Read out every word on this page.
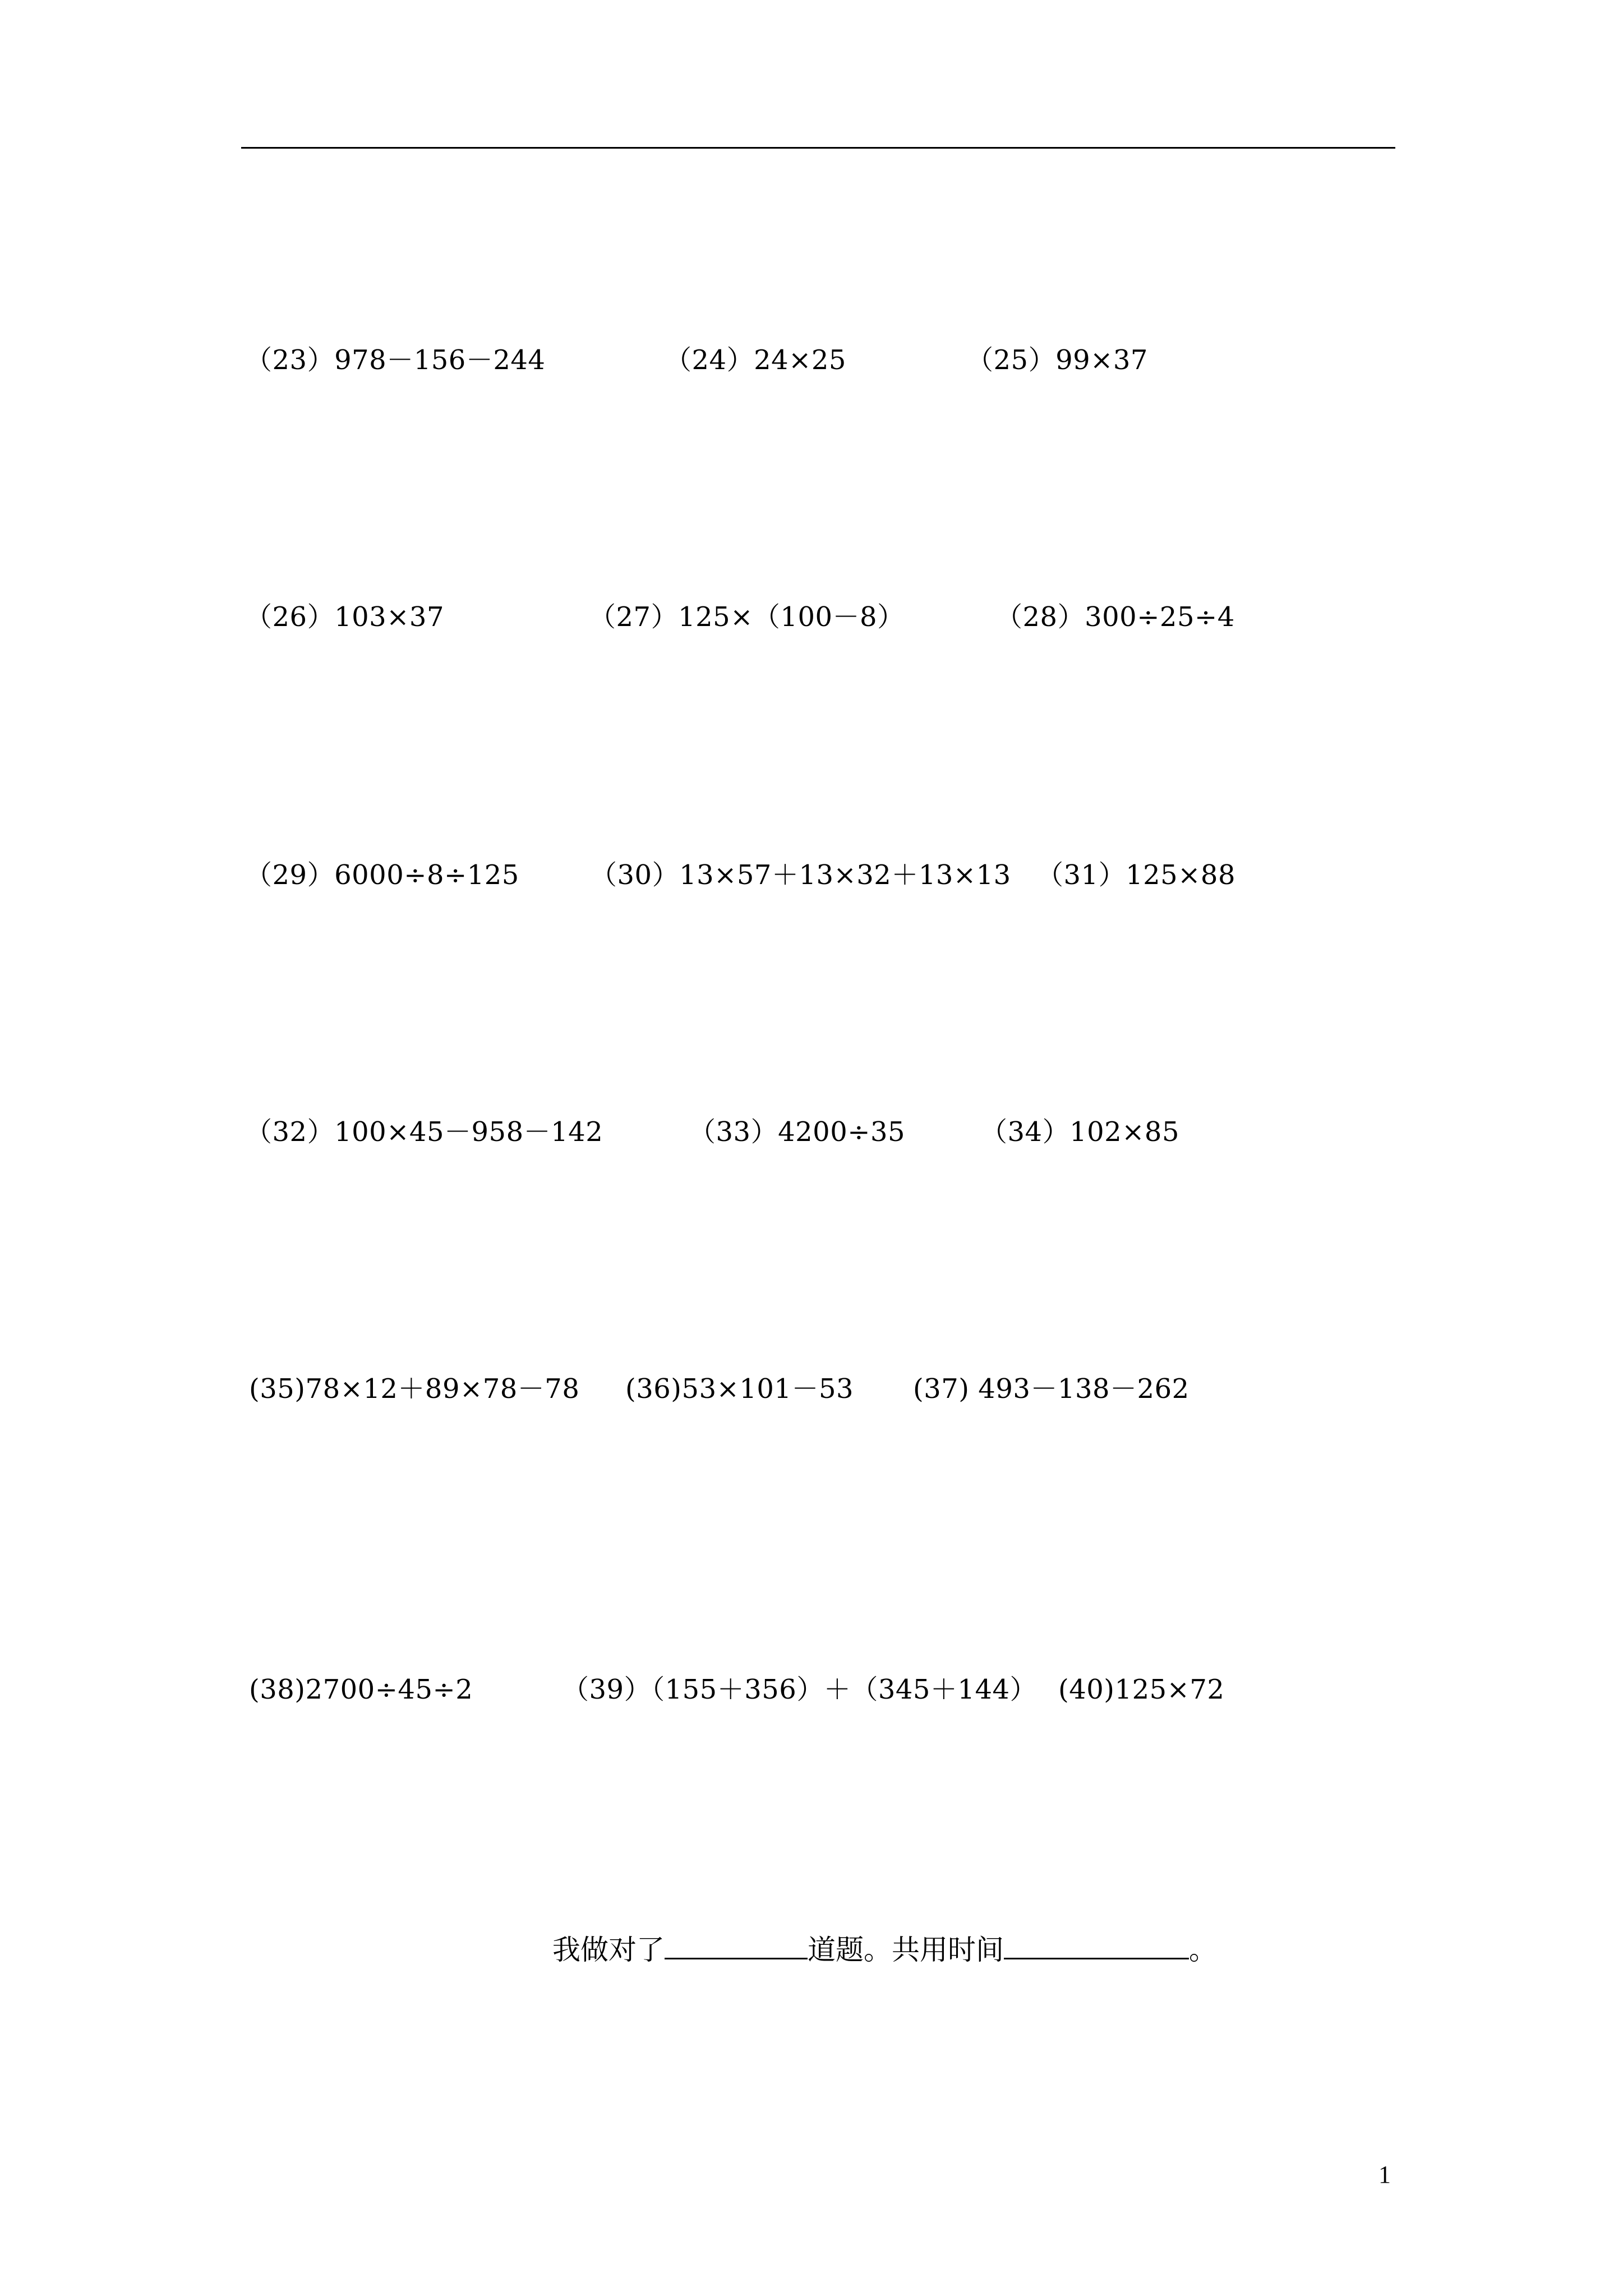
（23）978－156－244	（24）24×25	（25）99×37
（26）103×37	（27）125×（100－8）	（28）300÷25÷4
（29）6000÷8÷125	（30）13×57＋13×32＋13×13 （31）125×88
（32）100×45－958－142	（33）4200÷35	（34）102×85
(35)78×12＋89×78－78 (36)53×101－53 (37) 493－138－262
(38)2700÷45÷2	（39）（155＋356）＋（345＋144） (40)125×72
我做对了	道题。共用时间	。
1
